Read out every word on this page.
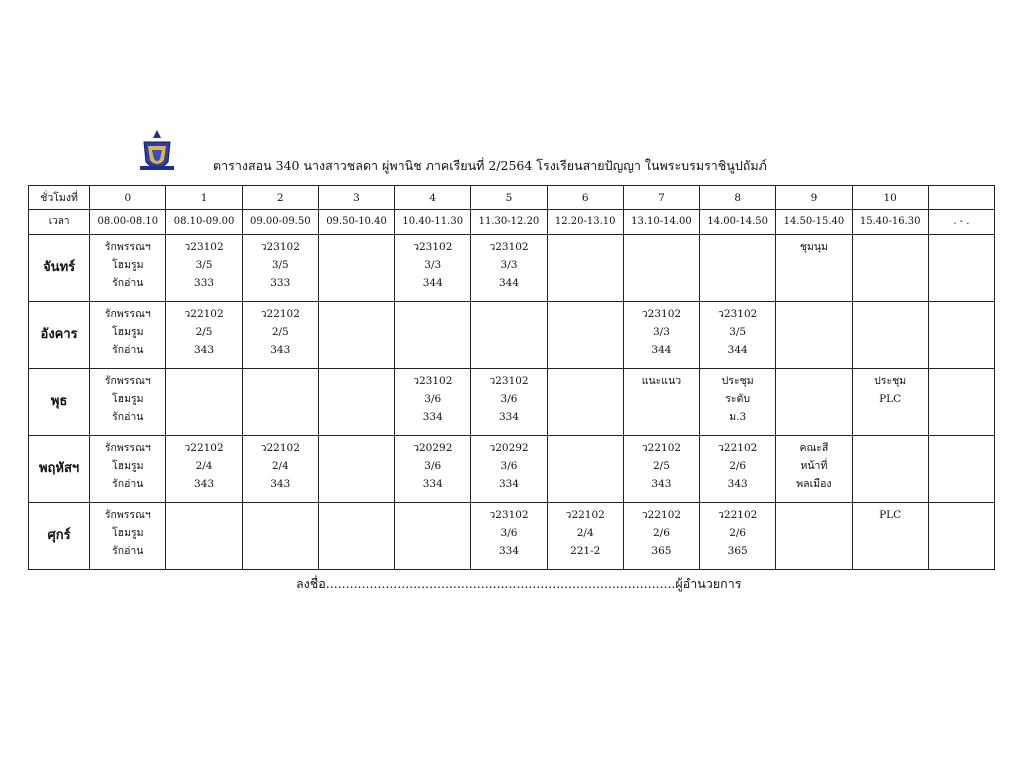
ตารางสอน 340 นางสาวชลดา ผู่พานิช ภาคเรียนที่ 2/2564 โรงเรียนสายปัญญา ในพระบรมราชินูปถัมภ์
ชั่วโมงที่	0	1	2	3	4	5	6	7	8	9	10	
เวลา	08.00-08.10	08.10-09.00	09.00-09.50	09.50-10.40	10.40-11.30	11.30-12.20	12.20-13.10	13.10-14.00	14.00-14.50	14.50-15.40	15.40-16.30	. - .
จันทร์	รักพรรณฯ
โฮมรูม
รักอ่าน	ว23102
3/5
333	ว23102
3/5
333		ว23102
3/3
344	ว23102
3/3
344				ชุมนุม		

อังคาร	รักพรรณฯ
โฮมรูม
รักอ่าน	ว22102
2/5
343	ว22102
2/5
343					ว23102
3/3
344	ว23102
3/5
344			

พุธ	รักพรรณฯ
โฮมรูม
รักอ่าน				ว23102
3/6
334	ว23102
3/6
334		แนะแนว	ประชุม
ระดับ
ม.3		ประชุม
PLC	

พฤหัสฯ	รักพรรณฯ
โฮมรูม
รักอ่าน	ว22102
2/4
343	ว22102
2/4
343		ว20292
3/6
334	ว20292
3/6
334		ว22102
2/5
343	ว22102
2/6
343	คณะสี
หน้าที่
พลเมือง		

ศุกร์	รักพรรณฯ
โฮมรูม
รักอ่าน					ว23102
3/6
334	ว22102
2/4
221-2	ว22102
2/6
365	ว22102
2/6
365		PLC	

ลงชื่อ........................................................................................ผู้อำนวยการ
